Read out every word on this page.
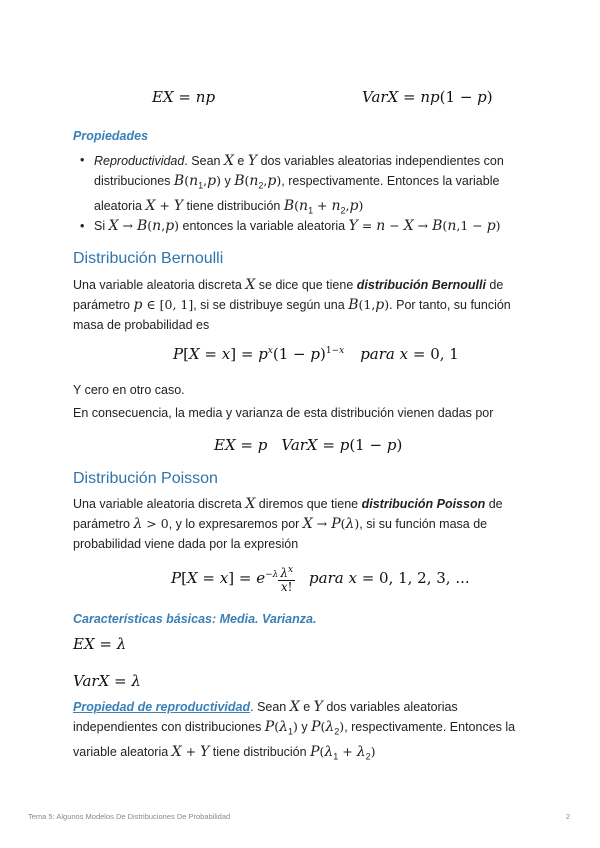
EX = np	VarX = np(1 − p)
Propiedades
• Reproductividad. Sean X e Y dos variables aleatorias independientes con distribuciones $B(n_1,p)$ y $B(n_2,p)$, respectivamente. Entonces la variable aleatoria X + Y tiene distribución $B(n_1 + n_2,p)$
• Si X → B(n,p) entonces la variable aleatoria Y = n − X → B(n,1 − p)
Distribución Bernoulli
Una variable aleatoria discreta X se dice que tiene distribución Bernoulli de parámetro p ∈ [0, 1], si se distribuye según una B(1,p). Por tanto, su función masa de probabilidad es
$P[X = x] = p^x(1 - p)^{1-x}$ para x = 0, 1
Y cero en otro caso.
En consecuencia, la media y varianza de esta distribución vienen dadas por
EX = p VarX = p(1 − p)
Distribución Poisson
Una variable aleatoria discreta X diremos que tiene distribución Poisson de parámetro λ > 0, y lo expresaremos por X → P(λ), si su función masa de probabilidad viene dada por la expresión
$P[X = x] = e^{-\lambda} \frac{\lambda^x}{x!}$ para x = 0, 1, 2, 3, ...
Características básicas: Media. Varianza.
EX = λ
VarX = λ
Propiedad de reproductividad. Sean X e Y dos variables aleatorias independientes con distribuciones $P(\lambda_1)$ y $P(\lambda_2)$, respectivamente. Entonces la variable aleatoria X + Y tiene distribución $P(\lambda_1 + \lambda_2)$
Tema 5: Algunos Modelos De Distribuciones De Probabilidad	2
